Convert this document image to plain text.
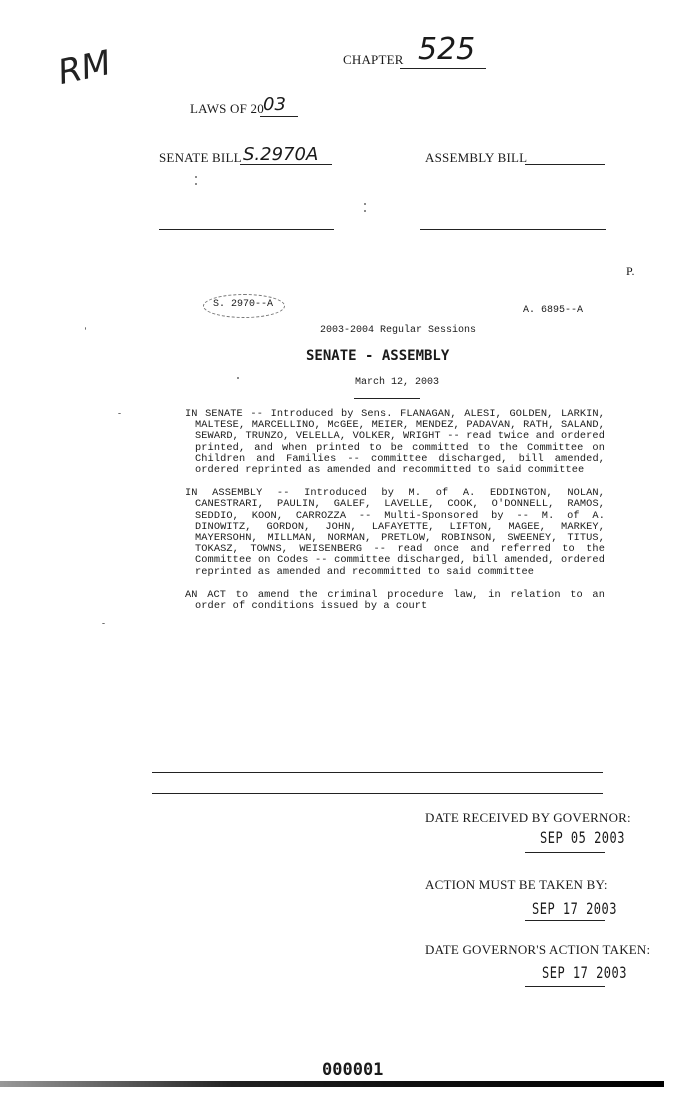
RM	CHAPTER 525
LAWS OF 20 03
SENATE BILL S.2970A	ASSEMBLY BILL
P.
S. 2970--A
A. 6895--A
2003-2004 Regular Sessions
SENATE - ASSEMBLY
March 12, 2003

IN SENATE -- Introduced by Sens. FLANAGAN, ALESI, GOLDEN, LARKIN, MALTESE, MARCELLINO, McGEE, MEIER, MENDEZ, PADAVAN, RATH, SALAND, SEWARD, TRUNZO, VELELLA, VOLKER, WRIGHT -- read twice and ordered printed, and when printed to be committed to the Committee on Children and Families -- committee discharged, bill amended, ordered reprinted as amended and recommitted to said committee

IN ASSEMBLY -- Introduced by M. of A. EDDINGTON, NOLAN, CANESTRARI, PAULIN, GALEF, LAVELLE, COOK, O'DONNELL, RAMOS, SEDDIO, KOON, CARROZZA -- Multi-Sponsored by -- M. of A. DINOWITZ, GORDON, JOHN, LAFAYETTE, LIFTON, MAGEE, MARKEY, MAYERSOHN, MILLMAN, NORMAN, PRETLOW, ROBINSON, SWEENEY, TITUS, TOKASZ, TOWNS, WEISENBERG -- read once and referred to the Committee on Codes -- committee discharged, bill amended, ordered reprinted as amended and recommitted to said committee

AN ACT to amend the criminal procedure law, in relation to an order of conditions issued by a court

DATE RECEIVED BY GOVERNOR:
SEP 05 2003
ACTION MUST BE TAKEN BY:
SEP 17 2003
DATE GOVERNOR'S ACTION TAKEN:
SEP 17 2003
000001
